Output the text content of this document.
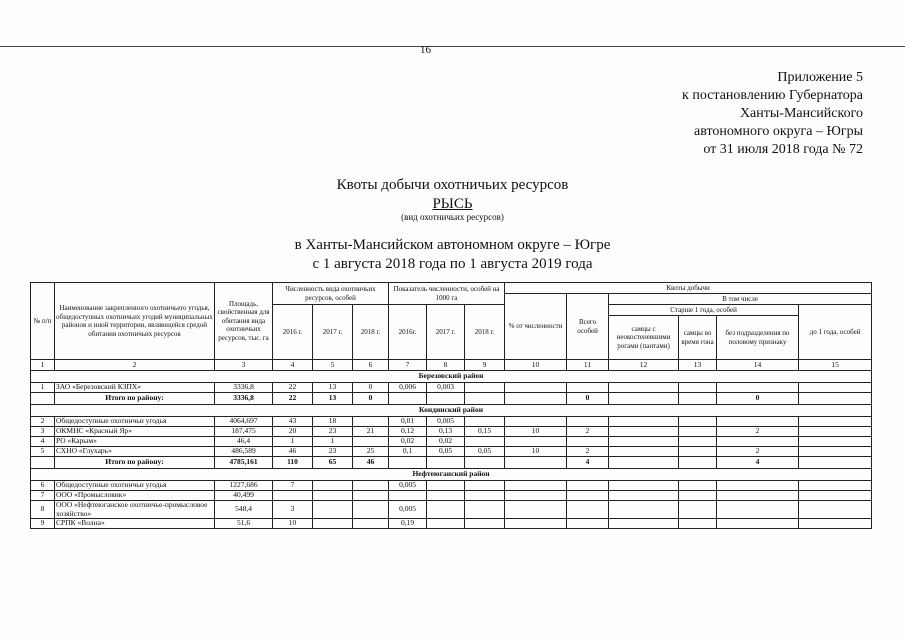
16
Приложение 5
к постановлению Губернатора
Ханты-Мансийского
автономного округа – Югры
от 31 июля 2018 года № 72
Квоты добычи охотничьих ресурсов
РЫСЬ
(вид охотничьих ресурсов)
в Ханты-Мансийском автономном округе – Югре
с 1 августа 2018 года по 1 августа 2019 года
№ п/п	Наименование закрепленного охотничьего угодья, общедоступных охотничьих угодий муниципальных районов и иной территории, являющейся средой обитания охотничьих ресурсов	Площадь, свойственная для обитания вида охотничьих ресурсов, тыс. га	Численность вида охотничьих ресурсов, особей			Показатель численности, особей на 1000 га			Квоты добычи					
									% от численности	Всего особей	В том числе			
			2016 г.	2017 г.	2018 г.	2016г.	2017 г.	2018 г.			Старше 1 года, особей			до 1 года, особей
											самцы с неокостеневшими рогами (пантами)	самцы во время гона	без подразделения по половому признаку	
1	2	3	4	5	6	7	8	9	10	11	12	13	14	15
Березовский район														
1	ЗАО «Березовский КЗПХ»	3336,8	22	13	0	0,006	0,003							
	Итого по району:	3336,8	22	13	0					0			0	
Кондинский район														
2	Общедоступные охотничьи угодья	4064,697	43	18		0,01	0,005							
3	ОКМНС «Красный Яр»	187,475	20	23	21	0,12	0,13	0,15	10	2			2	
4	РО «Карым»	46,4	1	1		0,02	0,02							
5	СХНО «Глухарь»	486,589	46	23	25	0,1	0,05	0,05	10	2			2	
	Итого по району:	4785,161	110	65	46					4			4	
Нефтеюганский район														
6	Общедоступные охотничьи угодья	1227,686	7			0,005								
7	ООО «Промысловик»	40,499												
8	ООО «Нефтеюганское охотничье-промысловое хозяйство»	548,4	3			0,005								
9	СРПК «Волна»	51,6	10			0,19								
